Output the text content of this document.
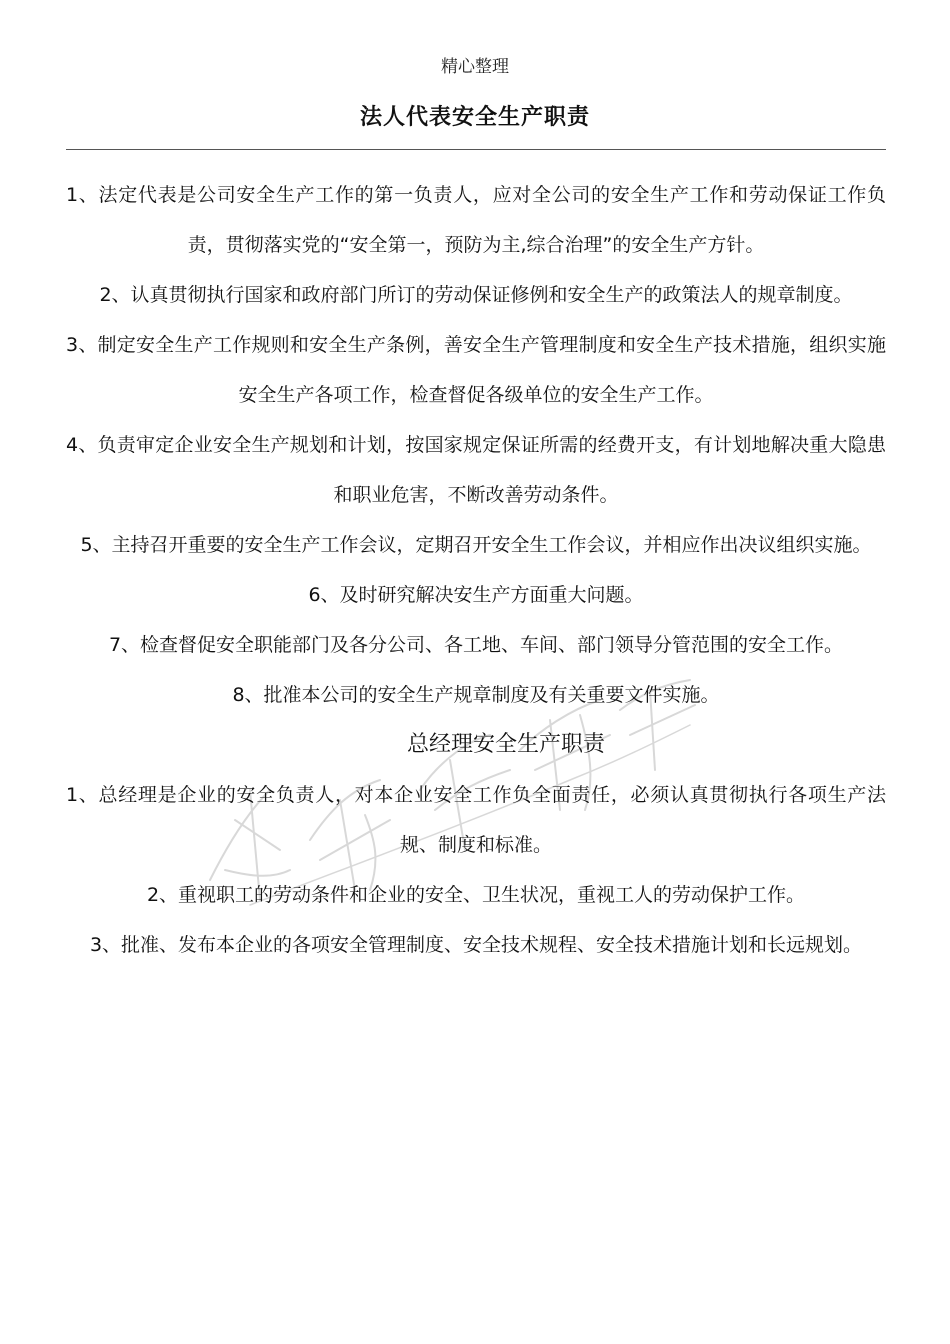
精心整理
法人代表安全生产职责

1、法定代表是公司安全生产工作的第一负责人，应对全公司的安全生产工作和劳动保证工作负责，贯彻落实党的“安全第一，预防为主,综合治理”的安全生产方针。

2、认真贯彻执行国家和政府部门所订的劳动保证修例和安全生产的政策法人的规章制度。

3、制定安全生产工作规则和安全生产条例，善安全生产管理制度和安全生产技术措施，组织实施安全生产各项工作，检查督促各级单位的安全生产工作。

4、负责审定企业安全生产规划和计划，按国家规定保证所需的经费开支，有计划地解决重大隐患和职业危害，不断改善劳动条件。

5、主持召开重要的安全生产工作会议，定期召开安全生工作会议，并相应作出决议组织实施。

6、及时研究解决安生产方面重大问题。

7、检查督促安全职能部门及各分公司、各工地、车间、部门领导分管范围的安全工作。

8、批准本公司的安全生产规章制度及有关重要文件实施。

总经理安全生产职责

1、总经理是企业的安全负责人，对本企业安全工作负全面责任，必须认真贯彻执行各项生产法规、制度和标准。

2、重视职工的劳动条件和企业的安全、卫生状况，重视工人的劳动保护工作。

3、批准、发布本企业的各项安全管理制度、安全技术规程、安全技术措施计划和长远规划。
